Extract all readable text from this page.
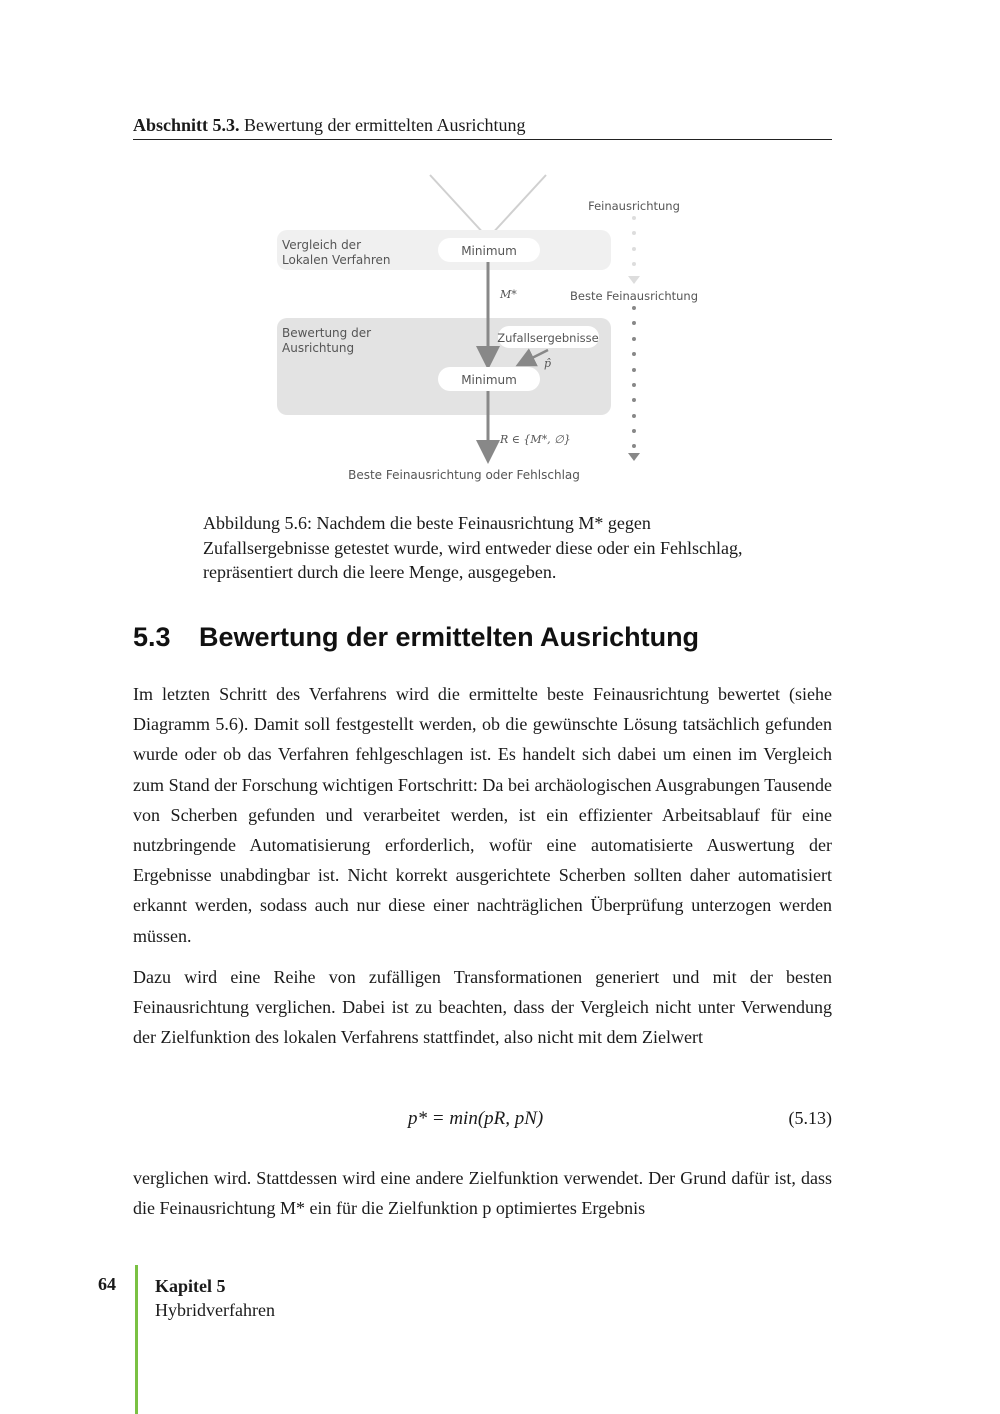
Abschnitt 5.3. Bewertung der ermittelten Ausrichtung
Vergleich der
Lokalen Verfahren
Minimum
Bewertung der
Ausrichtung
M*
Zufallsergebnisse
p̂
Minimum
R ∈ {M*, ∅}
Beste Feinausrichtung oder Fehlschlag
Feinausrichtung
Beste Feinausrichtung
Abbildung 5.6: Nachdem die beste Feinausrichtung M* gegen Zufallsergebnisse getestet wurde, wird entweder diese oder ein Fehlschlag, repräsentiert durch die leere Menge, ausgegeben.
5.3 Bewertung der ermittelten Ausrichtung
Im letzten Schritt des Verfahrens wird die ermittelte beste Feinausrichtung bewertet (siehe Diagramm 5.6). Damit soll festgestellt werden, ob die gewünschte Lösung tatsächlich gefunden wurde oder ob das Verfahren fehlgeschlagen ist. Es handelt sich dabei um einen im Vergleich zum Stand der Forschung wichtigen Fortschritt: Da bei archäologischen Ausgrabungen Tausende von Scherben gefunden und verarbeitet werden, ist ein effizienter Arbeitsablauf für eine nutzbringende Automatisierung erforderlich, wofür eine automatisierte Auswertung der Ergebnisse unabdingbar ist. Nicht korrekt ausgerichtete Scherben sollten daher automatisiert erkannt werden, sodass auch nur diese einer nachträglichen Überprüfung unterzogen werden müssen.
Dazu wird eine Reihe von zufälligen Transformationen generiert und mit der besten Feinausrichtung verglichen. Dabei ist zu beachten, dass der Vergleich nicht unter Verwendung der Zielfunktion des lokalen Verfahrens stattfindet, also nicht mit dem Zielwert
p* = min(pR, pN)	(5.13)
verglichen wird. Stattdessen wird eine andere Zielfunktion verwendet. Der Grund dafür ist, dass die Feinausrichtung M* ein für die Zielfunktion p optimiertes Ergebnis
64 Kapitel 5
Hybridverfahren
